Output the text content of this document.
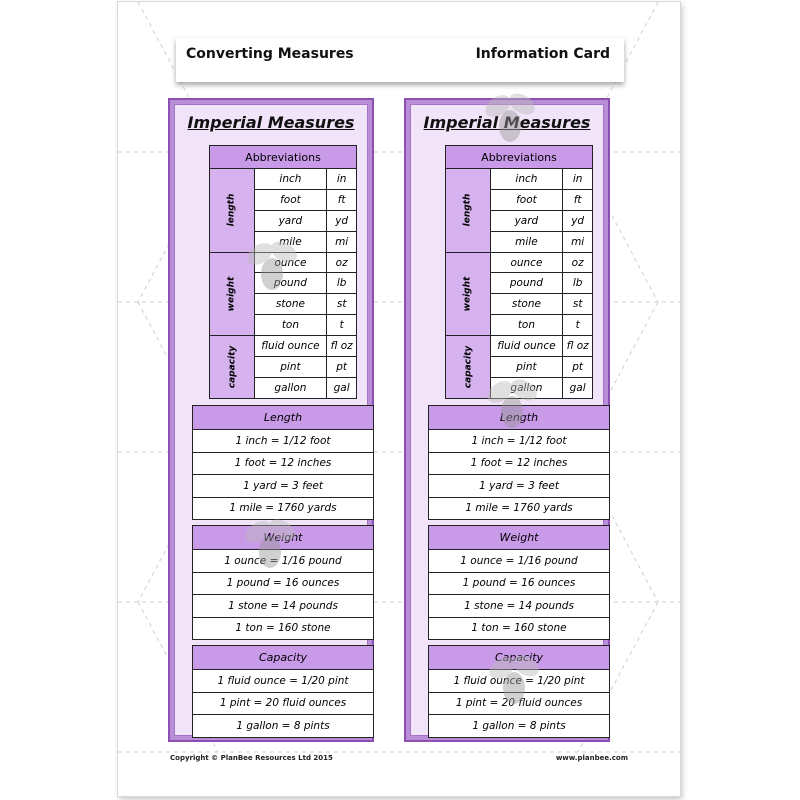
Converting Measures	Information Card
Imperial Measures
Abbreviations		
length	inch	in
	foot	ft
	yard	yd
	mile	mi
weight	ounce	oz
	pound	lb
	stone	st
	ton	t
capacity	fluid ounce	fl oz
	pint	pt
	gallon	gal
Length
1 inch = 1/12 foot
1 foot = 12 inches
1 yard = 3 feet
1 mile = 1760 yards
Weight
1 ounce = 1/16 pound
1 pound = 16 ounces
1 stone = 14 pounds
1 ton = 160 stone
Capacity
1 fluid ounce = 1/20 pint
1 pint = 20 fluid ounces
1 gallon = 8 pints
Imperial Measures
Abbreviations		
length	inch	in
	foot	ft
	yard	yd
	mile	mi
weight	ounce	oz
	pound	lb
	stone	st
	ton	t
capacity	fluid ounce	fl oz
	pint	pt
	gallon	gal
Length
1 inch = 1/12 foot
1 foot = 12 inches
1 yard = 3 feet
1 mile = 1760 yards
Weight
1 ounce = 1/16 pound
1 pound = 16 ounces
1 stone = 14 pounds
1 ton = 160 stone
Capacity
1 fluid ounce = 1/20 pint
1 pint = 20 fluid ounces
1 gallon = 8 pints
Copyright © PlanBee Resources Ltd 2015	www.planbee.com
